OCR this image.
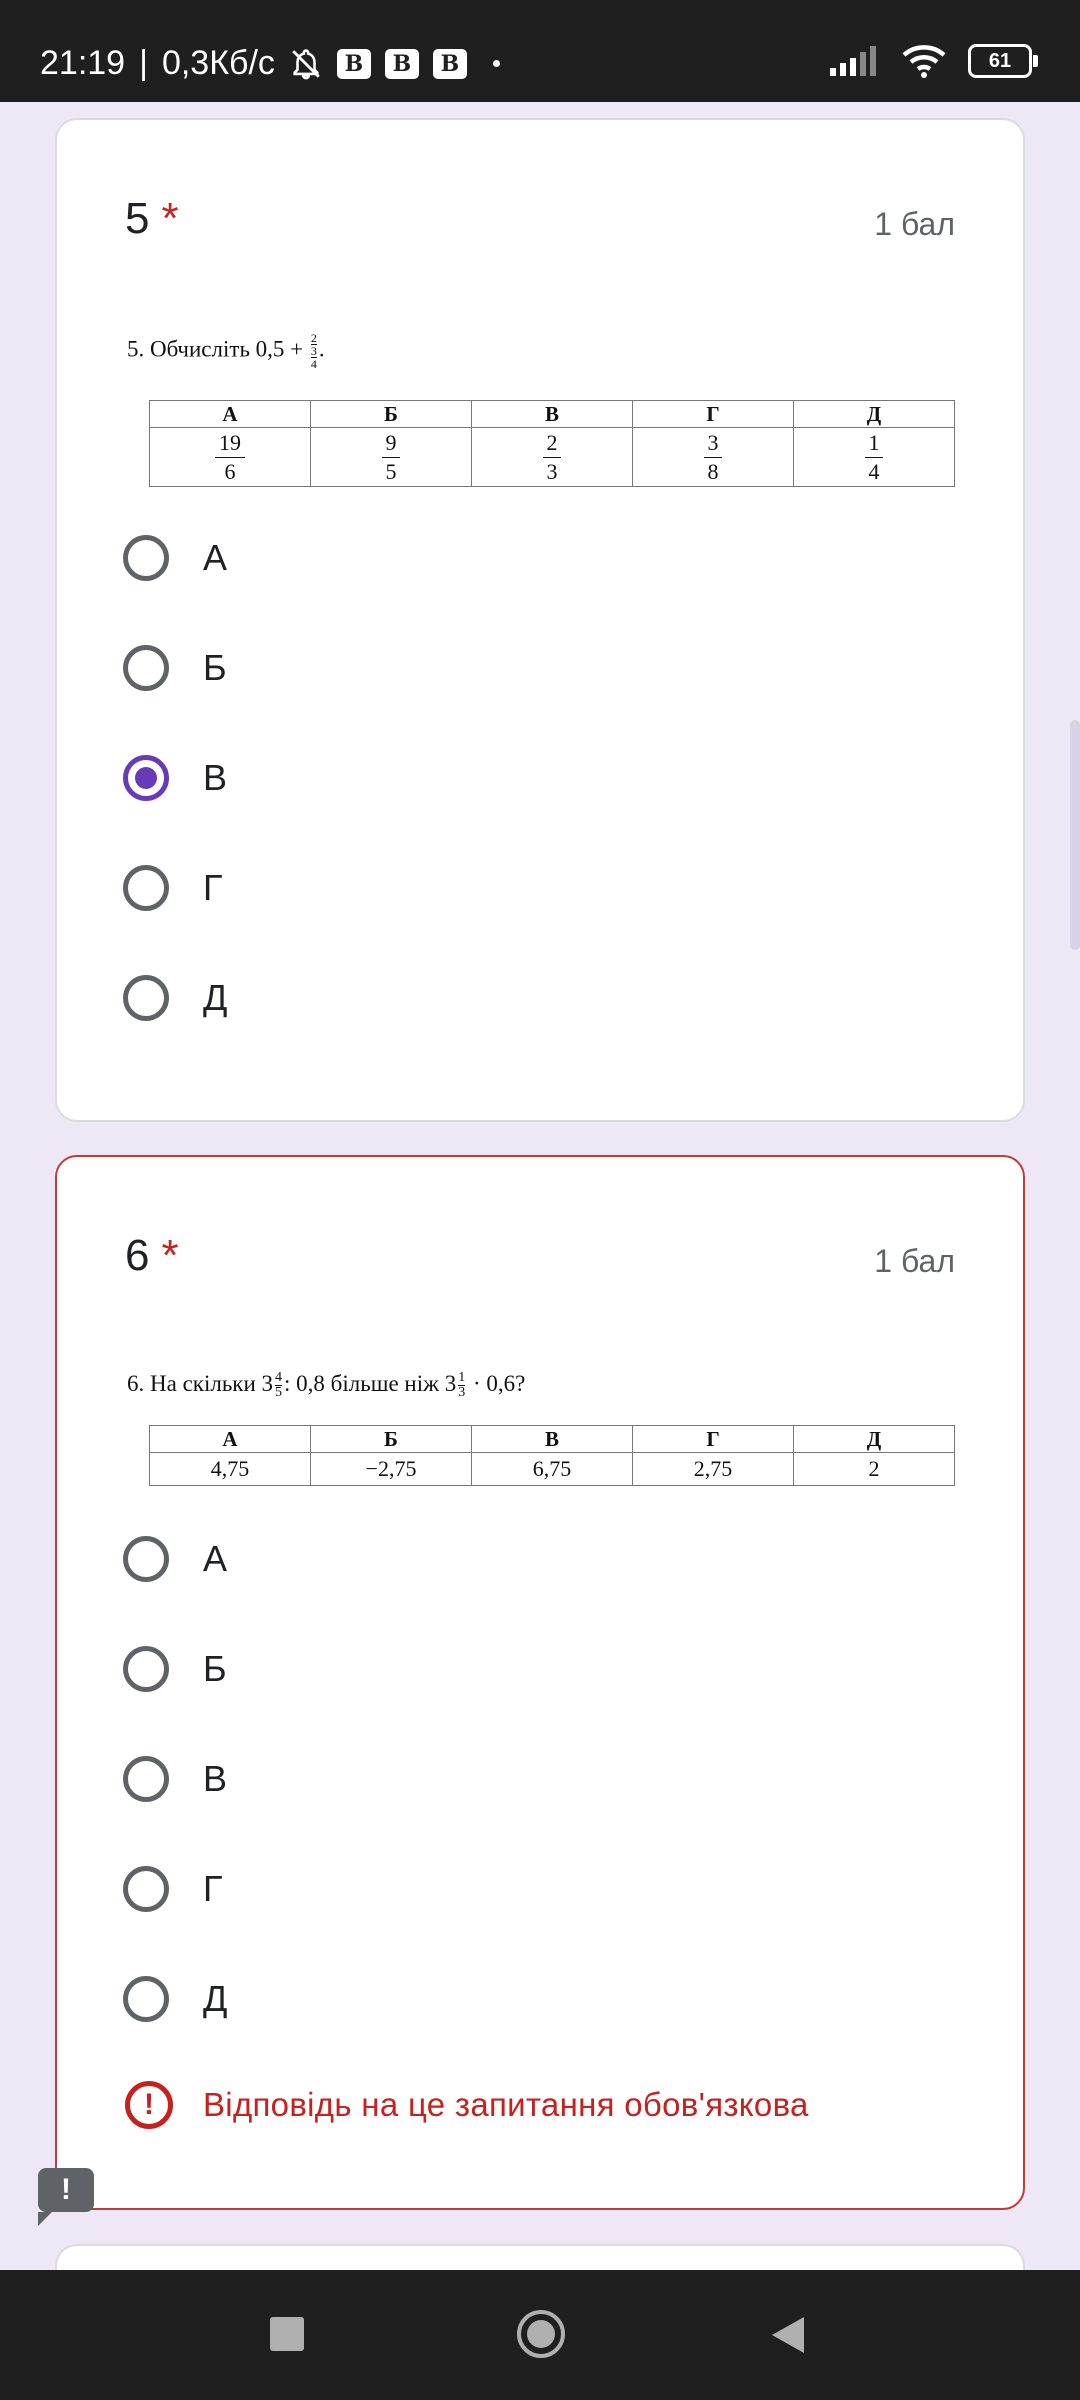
21:19 | 0,3Кб/с	B	B	B	61
5 *	1 бал
5. Обчисліть 0,5 + 2
3
4
.
А	Б	В	Г	Д

$\frac{19}{6}$	$\frac{9}{5}$	$\frac{2}{3}$	$\frac{3}{8}$	$\frac{1}{4}$
А
Б
В
Г
Д
6 *	1 бал
6. На скільки $3 \frac{4}{5}$ : 0,8 більше ніж $3 \frac{1}{3} \cdot 0,6$?
А	Б	В	Г	Д
4,75	−2,75	6,75	2,75	2
А
Б
В
Г
Д
!	Відповідь на це запитання обов'язкова
!
